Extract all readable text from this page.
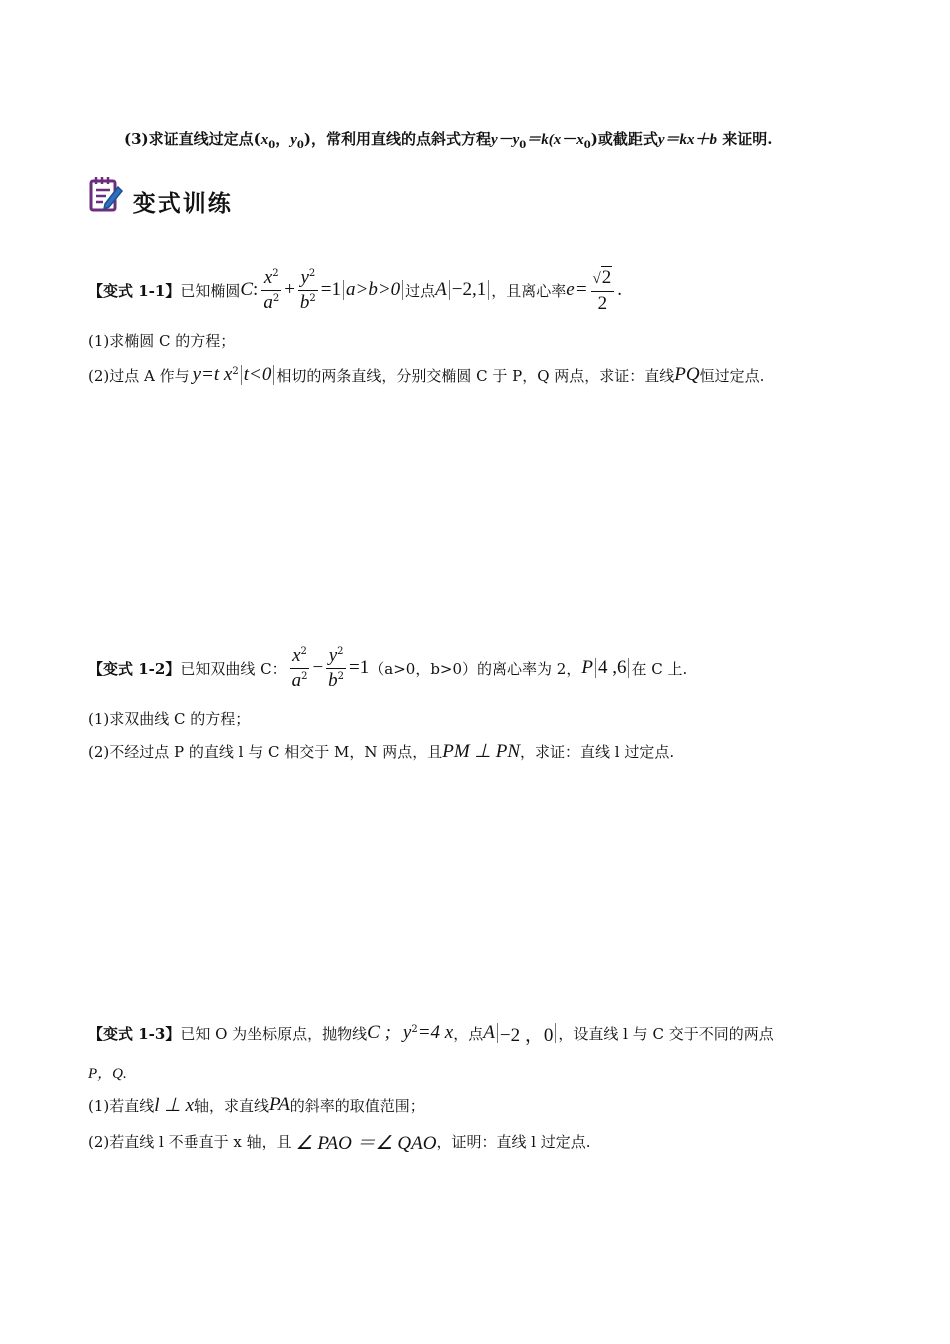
(3)求证直线过定点($x_0$，$y_0$)，常利用直线的点斜式方程$y-y_0=k(x-x_0)$或截距式y＝kx＋b 来证明.
变式训练
【变式 1-1】 已知椭圆 C : $\frac{x^2}{a^2} + \frac{y^2}{b^2} =1$ a>b>0 过点 A −2,1 ，且离心率 $e= \frac{√2}{2}$ .
(1)求椭圆 C 的方程；
(2)过点 A 作与 y=t $x^2$ t<0 相切的两条直线，分别交椭圆 C 于 P，Q 两点，求证：直线 PQ 恒过定点.
【变式 1-2】 已知双曲线 C： $\frac{x^2}{a^2} - \frac{y^2}{b^2} =1$ （a>0，b>0）的离心率为 2， P 4 ,6 在 C 上.
(1)求双曲线 C 的方程；
(2)不经过点 P 的直线 l 与 C 相交于 M，N 两点，且 PM ⊥ PN ，求证：直线 l 过定点.
【变式 1-3】 已知 O 为坐标原点，抛物线 C ; $y^2 =4$ x ，点 A −2 ，0 ，设直线 l 与 C 交于不同的两点
P，Q.
(1)若直线 l ⊥ x 轴，求直线 PA 的斜率的取值范围；
(2)若直线 l 不垂直于 x 轴，且 ∠ PAO ＝∠ QAO ，证明：直线 l 过定点.
